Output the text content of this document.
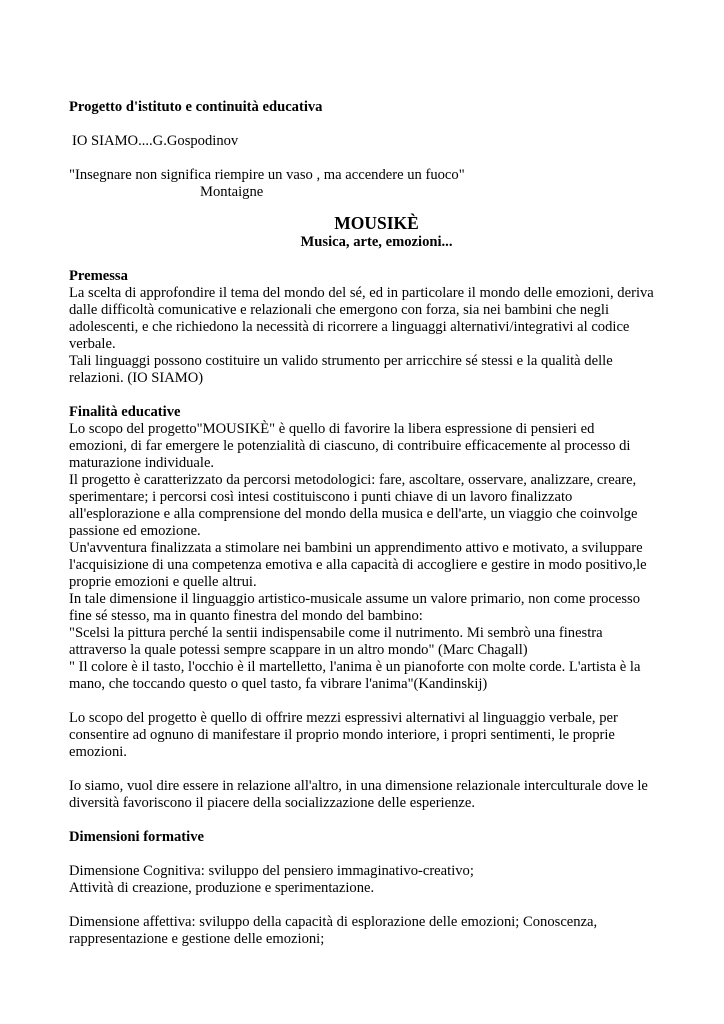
Progetto d'istituto e continuità educativa
IO SIAMO....G.Gospodinov
"Insegnare non significa riempire un vaso , ma accendere un fuoco"
Montaigne
MOUSIKÈ
Musica, arte, emozioni...
Premessa
La scelta di approfondire il tema del mondo del sé, ed in particolare il mondo delle emozioni, deriva
dalle difficoltà comunicative e relazionali che emergono con forza, sia nei bambini che negli
adolescenti, e che richiedono la necessità di ricorrere a linguaggi alternativi/integrativi al codice
verbale.
Tali linguaggi possono costituire un valido strumento per arricchire sé stessi e la qualità delle
relazioni. (IO SIAMO)
Finalità educative
Lo scopo del progetto"MOUSIKÈ" è quello di favorire la libera espressione di pensieri ed
emozioni, di far emergere le potenzialità di ciascuno, di contribuire efficacemente al processo di
maturazione individuale.
Il progetto è caratterizzato da percorsi metodologici: fare, ascoltare, osservare, analizzare, creare,
sperimentare; i percorsi così intesi costituiscono i punti chiave di un lavoro finalizzato
all'esplorazione e alla comprensione del mondo della musica e dell'arte, un viaggio che coinvolge
passione ed emozione.
Un'avventura finalizzata a stimolare nei bambini un apprendimento attivo e motivato, a sviluppare
l'acquisizione di una competenza emotiva e alla capacità di accogliere e gestire in modo positivo,le
proprie emozioni e quelle altrui.
In tale dimensione il linguaggio artistico-musicale assume un valore primario, non come processo
fine sé stesso, ma in quanto finestra del mondo del bambino:
"Scelsi la pittura perché la sentii indispensabile come il nutrimento. Mi sembrò una finestra
attraverso la quale potessi sempre scappare in un altro mondo" (Marc Chagall)
" Il colore è il tasto, l'occhio è il martelletto, l'anima è un pianoforte con molte corde. L'artista è la
mano, che toccando questo o quel tasto, fa vibrare l'anima"(Kandinskij)
Lo scopo del progetto è quello di offrire mezzi espressivi alternativi al linguaggio verbale, per
consentire ad ognuno di manifestare il proprio mondo interiore, i propri sentimenti, le proprie
emozioni.
Io siamo, vuol dire essere in relazione all'altro, in una dimensione relazionale interculturale dove le
diversità favoriscono il piacere della socializzazione delle esperienze.
Dimensioni formative
Dimensione Cognitiva: sviluppo del pensiero immaginativo-creativo;
Attività di creazione, produzione e sperimentazione.
Dimensione affettiva: sviluppo della capacità di esplorazione delle emozioni; Conoscenza,
rappresentazione e gestione delle emozioni;
